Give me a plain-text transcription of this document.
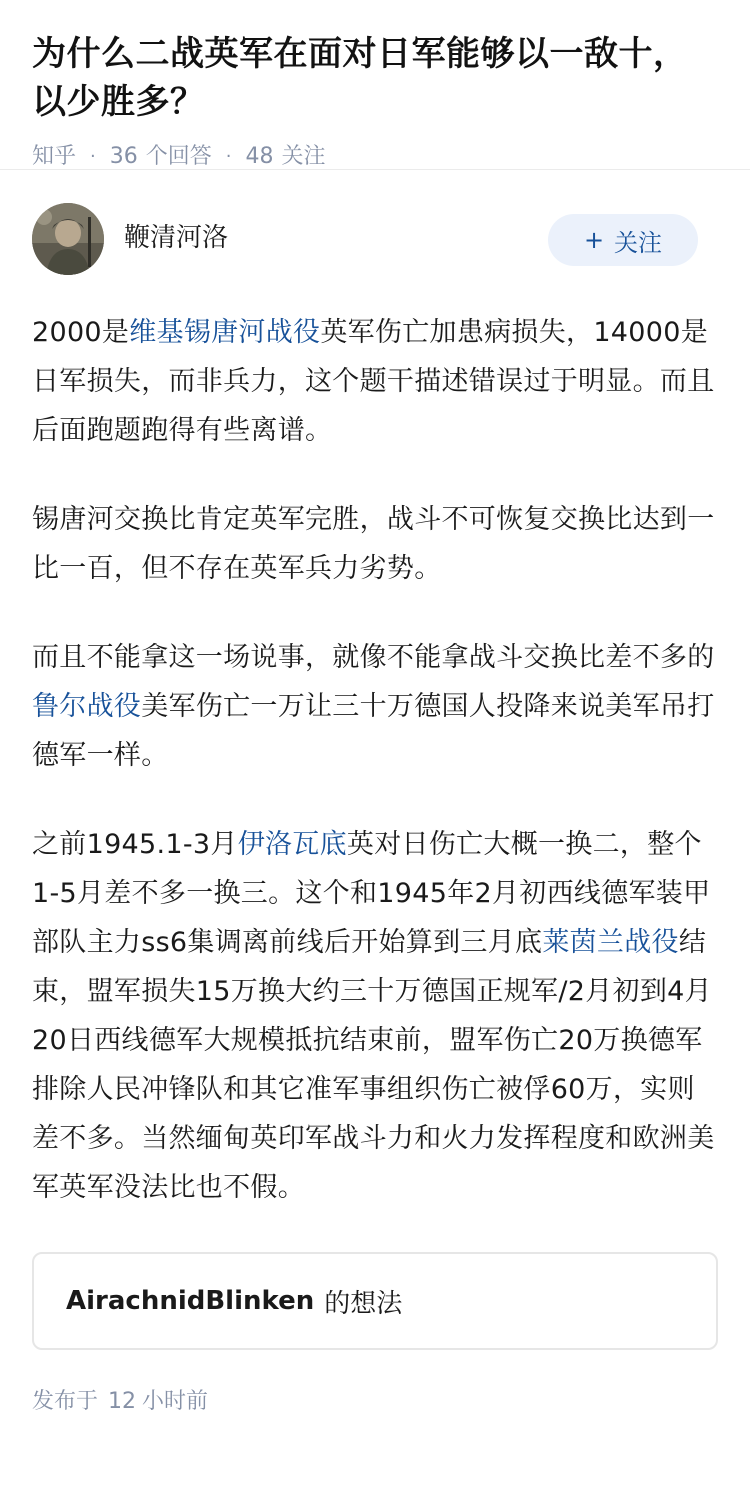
为什么二战英军在面对日军能够以一敌十，以少胜多？
知乎 · 36 个回答 · 48 关注
鞭清河洛	+ 关注

2000是维基锡唐河战役英军伤亡加患病损失，14000是日军损失，而非兵力，这个题干描述错误过于明显。而且后面跑题跑得有些离谱。

锡唐河交换比肯定英军完胜，战斗不可恢复交换比达到一比一百，但不存在英军兵力劣势。

而且不能拿这一场说事，就像不能拿战斗交换比差不多的鲁尔战役美军伤亡一万让三十万德国人投降来说美军吊打德军一样。

之前1945.1-3月伊洛瓦底英对日伤亡大概一换二，整个1-5月差不多一换三。这个和1945年2月初西线德军装甲部队主力ss6集调离前线后开始算到三月底莱茵兰战役结束，盟军损失15万换大约三十万德国正规军/2月初到4月20日西线德军大规模抵抗结束前，盟军伤亡20万换德军排除人民冲锋队和其它准军事组织伤亡被俘60万，实则差不多。当然缅甸英印军战斗力和火力发挥程度和欧洲美军英军没法比也不假。

AirachnidBlinken 的想法
发布于 12 小时前
